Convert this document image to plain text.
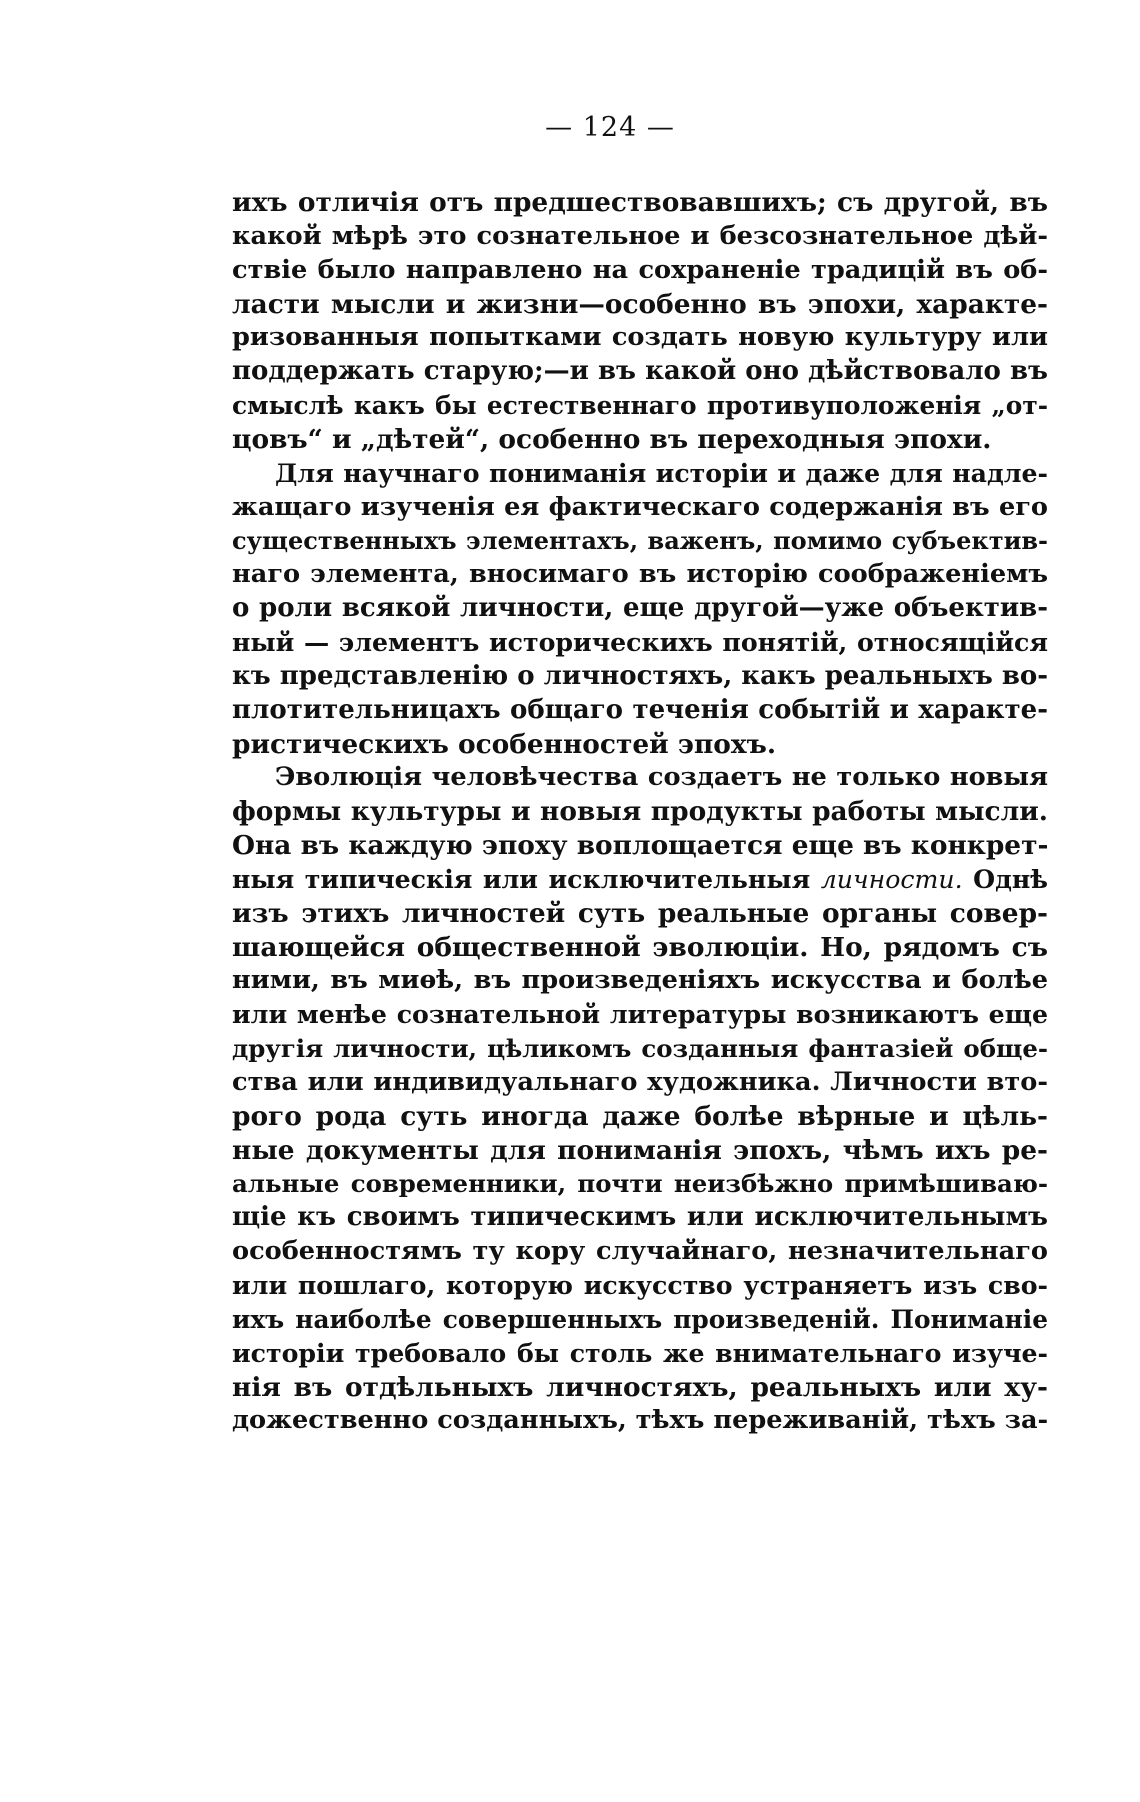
— 124 —
ихъ отличія отъ предшествовавшихъ; съ другой, въ
какой мѣрѣ это сознательное и безсознательное дѣй-
ствіе было направлено на сохраненіе традицій въ об-
ласти мысли и жизни—особенно въ эпохи, характе-
ризованныя попытками создать новую культуру или
поддержать старую;—и въ какой оно дѣйствовало въ
смыслѣ какъ бы естественнаго противуположенія „от-
цовъ“ и „дѣтей“, особенно въ переходныя эпохи.
Для научнаго пониманія исторіи и даже для надле-
жащаго изученія ея фактическаго содержанія въ его
существенныхъ элементахъ, важенъ, помимо субъектив-
наго элемента, вносимаго въ исторію соображеніемъ
о роли всякой личности, еще другой—уже объектив-
ный — элементъ историческихъ понятій, относящійся
къ представленію о личностяхъ, какъ реальныхъ во-
плотительницахъ общаго теченія событій и характе-
ристическихъ особенностей эпохъ.
Эволюція человѣчества создаетъ не только новыя
формы культуры и новыя продукты работы мысли.
Она въ каждую эпоху воплощается еще въ конкрет-
ныя типическія или исключительныя личности. Однѣ
изъ этихъ личностей суть реальные органы совер-
шающейся общественной эволюціи. Но, рядомъ съ
ними, въ миѳѣ, въ произведеніяхъ искусства и болѣе
или менѣе сознательной литературы возникаютъ еще
другія личности, цѣликомъ созданныя фантазіей обще-
ства или индивидуальнаго художника. Личности вто-
рого рода суть иногда даже болѣе вѣрные и цѣль-
ные документы для пониманія эпохъ, чѣмъ ихъ ре-
альные современники, почти неизбѣжно примѣшиваю-
щіе къ своимъ типическимъ или исключительнымъ
особенностямъ ту кору случайнаго, незначительнаго
или пошлаго, которую искусство устраняетъ изъ сво-
ихъ наиболѣе совершенныхъ произведеній. Пониманіе
исторіи требовало бы столь же внимательнаго изуче-
нія въ отдѣльныхъ личностяхъ, реальныхъ или ху-
дожественно созданныхъ, тѣхъ переживаній, тѣхъ за-
